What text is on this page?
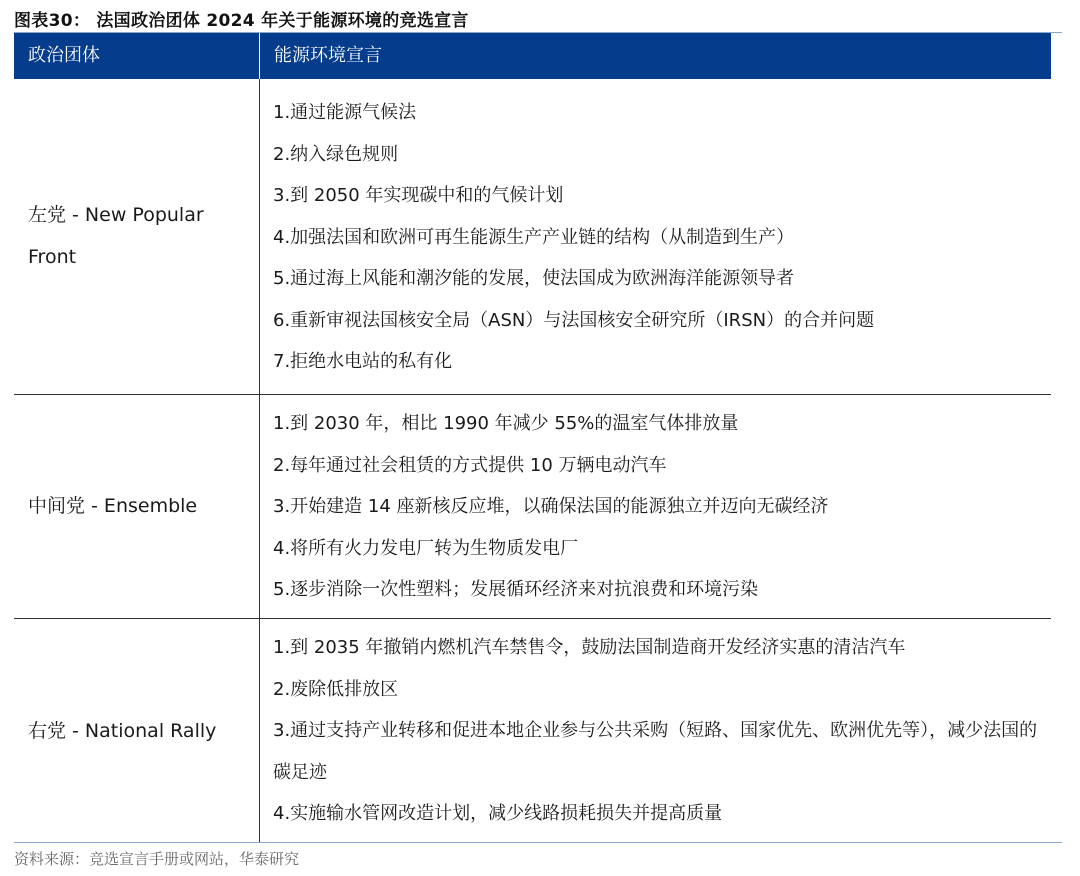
图表30： 法国政治团体 2024 年关于能源环境的竞选宣言
政治团体	能源环境宣言
左党 - New Popular Front
1.通过能源气候法
2.纳入绿色规则
3.到 2050 年实现碳中和的气候计划
4.加强法国和欧洲可再生能源生产产业链的结构（从制造到生产）
5.通过海上风能和潮汐能的发展，使法国成为欧洲海洋能源领导者
6.重新审视法国核安全局（ASN）与法国核安全研究所（IRSN）的合并问题
7.拒绝水电站的私有化
中间党 - Ensemble
1.到 2030 年，相比 1990 年减少 55%的温室气体排放量
2.每年通过社会租赁的方式提供 10 万辆电动汽车
3.开始建造 14 座新核反应堆，以确保法国的能源独立并迈向无碳经济
4.将所有火力发电厂转为生物质发电厂
5.逐步消除一次性塑料；发展循环经济来对抗浪费和环境污染
右党 - National Rally
1.到 2035 年撤销内燃机汽车禁售令，鼓励法国制造商开发经济实惠的清洁汽车
2.废除低排放区
3.通过支持产业转移和促进本地企业参与公共采购（短路、国家优先、欧洲优先等），减少法国的碳足迹
4.实施输水管网改造计划，减少线路损耗损失并提高质量
资料来源：竞选宣言手册或网站，华泰研究
